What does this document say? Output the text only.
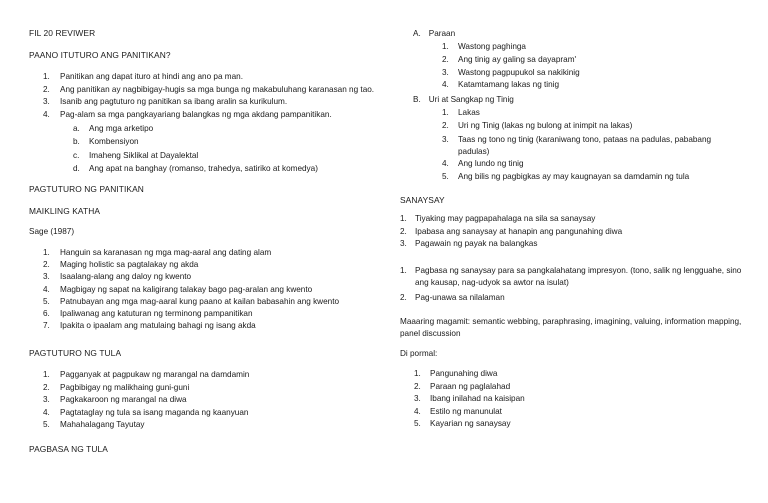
FIL 20 REVIWER
PAANO ITUTURO ANG PANITIKAN?
1.	Panitikan ang dapat ituro at hindi ang ano pa man.
2.	Ang panitikan ay nagbibigay-hugis sa mga bunga ng makabuluhang karanasan ng tao.
3.	Isanib ang pagtuturo ng panitikan sa ibang aralin sa kurikulum.
4.	Pag-alam sa mga pangkayariang balangkas ng mga akdang pampanitikan.
a.	Ang mga arketipo
b.	Kombensiyon
c.	Imaheng Siklikal at Dayalektal
d.	Ang apat na banghay (romanso, trahedya, satiriko at komedya)
PAGTUTURO NG PANITIKAN
MAIKLING KATHA
Sage (1987)
1.	Hanguin sa karanasan ng mga mag-aaral ang dating alam
2.	Maging holistic sa pagtalakay ng akda
3.	Isaalang-alang ang daloy ng kwento
4.	Magbigay ng sapat na kaligirang talakay bago pag-aralan ang kwento
5.	Patnubayan ang mga mag-aaral kung paano at kailan babasahin ang kwento
6.	Ipaliwanag ang katuturan ng terminong pampanitikan
7.	Ipakita o ipaalam ang matulaing bahagi ng isang akda
PAGTUTURO NG TULA
1.	Pagganyak at pagpukaw ng marangal na damdamin
2.	Pagbibigay ng malikhaing guni-guni
3.	Pagkakaroon ng marangal na diwa
4.	Pagtataglay ng tula sa isang maganda ng kaanyuan
5.	Mahahalagang Tayutay
PAGBASA NG TULA
A. Paraan
1.	Wastong paghinga
2.	Ang tinig ay galing sa dayapram'
3.	Wastong pagpupukol sa nakikinig
4.	Katamtamang lakas ng tinig
B. Uri at Sangkap ng Tinig
1.	Lakas
2.	Uri ng Tinig (lakas ng bulong at inimpit na lakas)
3.	Taas ng tono ng tinig (karaniwang tono, pataas na padulas, pababang padulas)
4.	Ang lundo ng tinig
5.	Ang bilis ng pagbigkas ay may kaugnayan sa damdamin ng tula
SANAYSAY
1. Tiyaking may pagpapahalaga na sila sa sanaysay
2. Ipabasa ang sanaysay at hanapin ang pangunahing diwa
3. Pagawain ng payak na balangkas
1. Pagbasa ng sanaysay para sa pangkalahatang impresyon. (tono, salik ng lengguahe, sino ang kausap, nag-udyok sa awtor na isulat)
2. Pag-unawa sa nilalaman
Maaaring magamit: semantic webbing, paraphrasing, imagining, valuing, information mapping, panel discussion
Di pormal:
1.	Pangunahing diwa
2.	Paraan ng paglalahad
3.	Ibang inilahad na kaisipan
4.	Estilo ng manunulat
5.	Kayarian ng sanaysay
